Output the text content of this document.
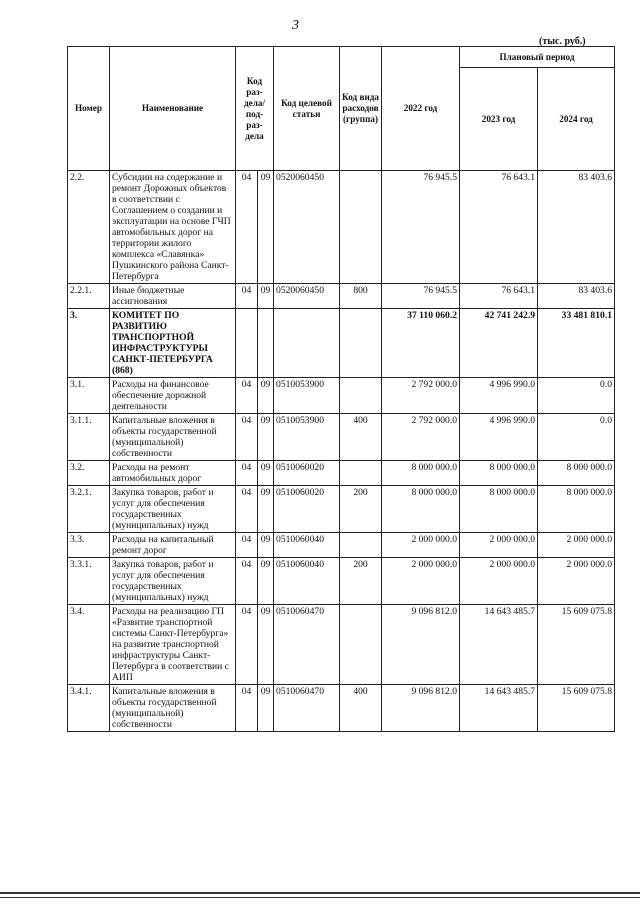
3
(тыс. руб.)
Номер	Наименование	Код раз-дела/ под-раз-дела		Код целевой статьи	Код вида расходов (группа)	2022 год	Плановый период	
							2023 год	2024 год
2.2.	Субсидии на содержание и ремонт Дорожных объектов в соответствии с Соглашением о создании и эксплуатации на основе ГЧП автомобильных дорог на территории жилого комплекса «Славянка» Пушкинского района Санкт-Петербурга	04	09	0520060450		76 945.5	76 643.1	83 403.6
2.2.1.	Иные бюджетные ассигнования	04	09	0520060450	800	76 945.5	76 643.1	83 403.6
3.	КОМИТЕТ ПО РАЗВИТИЮ ТРАНСПОРТНОЙ ИНФРАСТРУКТУРЫ САНКТ-ПЕТЕРБУРГА (868)					37 110 060.2	42 741 242.9	33 481 810.1
3.1.	Расходы на финансовое обеспечение дорожной деятельности	04	09	0510053900		2 792 000.0	4 996 990.0	0.0
3.1.1.	Капитальные вложения в объекты государственной (муниципальной) собственности	04	09	0510053900	400	2 792 000.0	4 996 990.0	0.0
3.2.	Расходы на ремонт автомобильных дорог	04	09	0510060020		8 000 000.0	8 000 000.0	8 000 000.0
3.2.1.	Закупка товаров, работ и услуг для обеспечения государственных (муниципальных) нужд	04	09	0510060020	200	8 000 000.0	8 000 000.0	8 000 000.0
3.3.	Расходы на капитальный ремонт дорог	04	09	0510060040		2 000 000.0	2 000 000.0	2 000 000.0
3.3.1.	Закупка товаров, работ и услуг для обеспечения государственных (муниципальных) нужд	04	09	0510060040	200	2 000 000.0	2 000 000.0	2 000 000.0
3.4.	Расходы на реализацию ГП «Развитие транспортной системы Санкт-Петербурга» на развитие транспортной инфраструктуры Санкт-Петербурга в соответствии с АИП	04	09	0510060470		9 096 812.0	14 643 485.7	15 609 075.8
3.4.1.	Капитальные вложения в объекты государственной (муниципальной) собственности	04	09	0510060470	400	9 096 812.0	14 643 485.7	15 609 075.8
